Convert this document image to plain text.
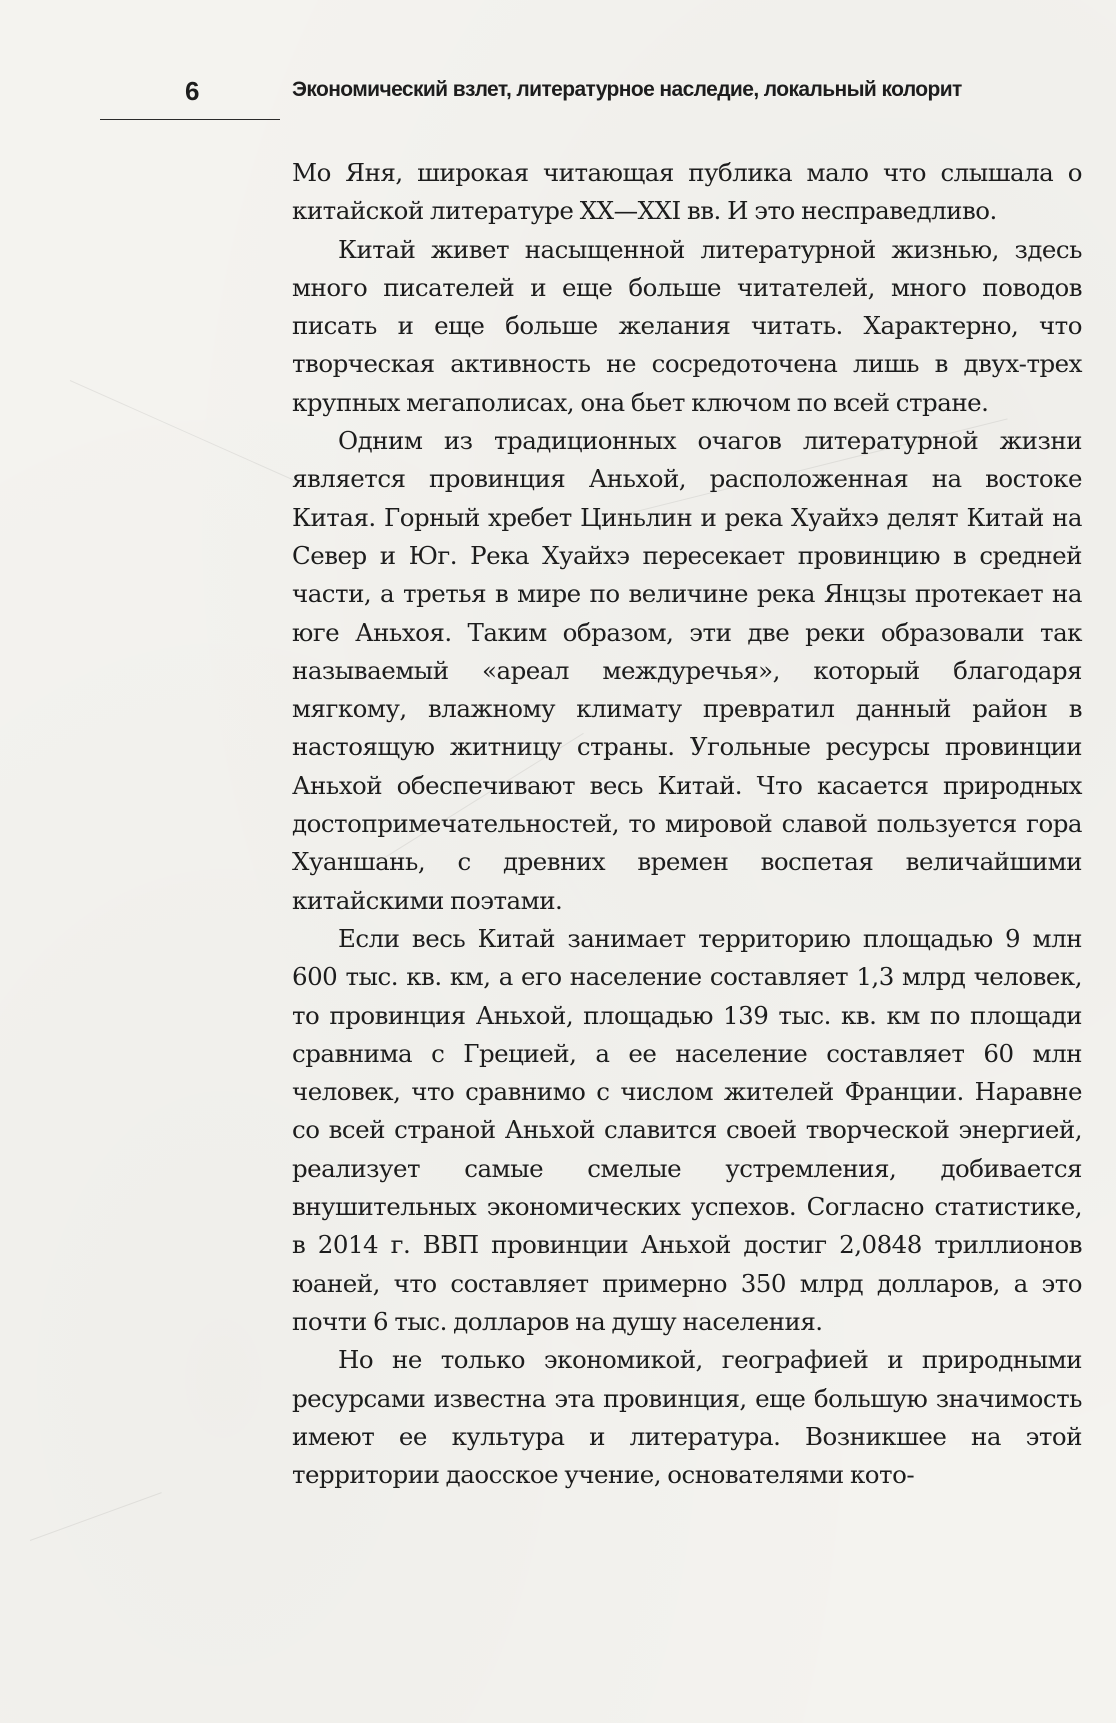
6	Экономический взлет, литературное наследие, локальный колорит

Мо Яня, широкая читающая публика мало что слышала о китайской литературе XX—XXI вв. И это несправедливо.

Китай живет насыщенной литературной жизнью, здесь много писателей и еще больше читателей, много поводов писать и еще больше желания читать. Характерно, что творческая активность не сосредоточена лишь в двух-трех крупных мегаполисах, она бьет ключом по всей стране.

Одним из традиционных очагов литературной жизни является провинция Аньхой, расположенная на востоке Китая. Горный хребет Циньлин и река Хуайхэ делят Китай на Север и Юг. Река Хуайхэ пересекает провинцию в средней части, а третья в мире по величине река Янцзы протекает на юге Аньхоя. Таким образом, эти две реки образовали так называемый «ареал междуречья», который благодаря мягкому, влажному климату превратил данный район в настоящую житницу страны. Угольные ресурсы провинции Аньхой обеспечивают весь Китай. Что касается природных достопримечательностей, то мировой славой пользуется гора Хуаншань, с древних времен воспетая величайшими китайскими поэтами.

Если весь Китай занимает территорию площадью 9 млн 600 тыс. кв. км, а его население составляет 1,3 млрд человек, то провинция Аньхой, площадью 139 тыс. кв. км по площади сравнима с Грецией, а ее население составляет 60 млн человек, что сравнимо с числом жителей Франции. Наравне со всей страной Аньхой славится своей творческой энергией, реализует самые смелые устремления, добивается внушительных экономических успехов. Согласно статистике, в 2014 г. ВВП провинции Аньхой достиг 2,0848 триллионов юаней, что составляет примерно 350 млрд долларов, а это почти 6 тыс. долларов на душу населения.

Но не только экономикой, географией и природными ресурсами известна эта провинция, еще большую значимость имеют ее культура и литература. Возникшее на этой территории даосское учение, основателями кото-
